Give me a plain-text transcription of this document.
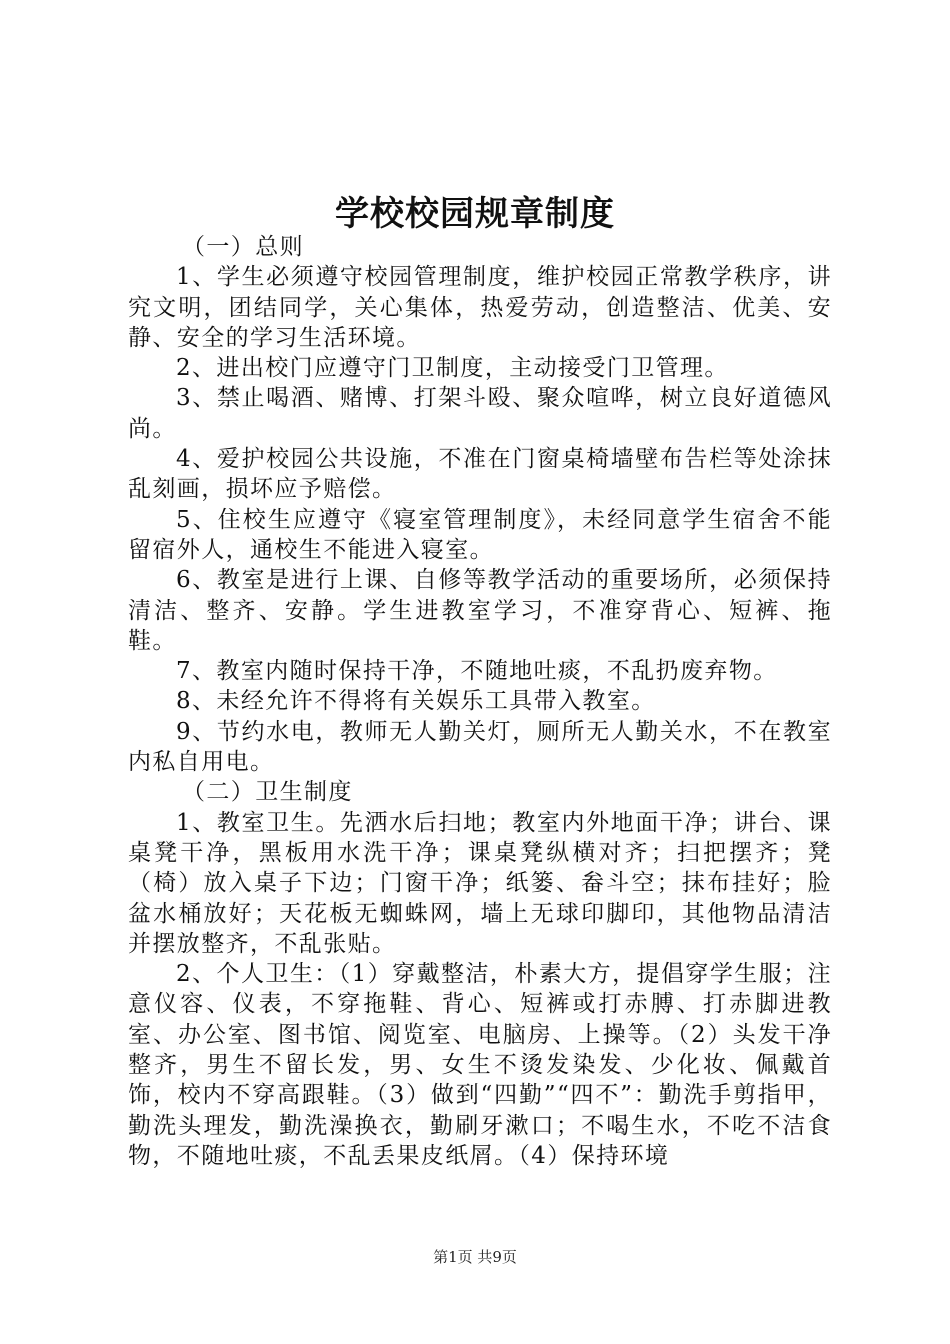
学校校园规章制度

（一）总则

1、学生必须遵守校园管理制度，维护校园正常教学秩序，讲究文明，团结同学，关心集体，热爱劳动，创造整洁、优美、安静、安全的学习生活环境。

2、进出校门应遵守门卫制度，主动接受门卫管理。

3、禁止喝酒、赌博、打架斗殴、聚众喧哗，树立良好道德风尚。

4、爱护校园公共设施，不准在门窗桌椅墙壁布告栏等处涂抹乱刻画，损坏应予赔偿。

5、住校生应遵守《寝室管理制度》，未经同意学生宿舍不能留宿外人，通校生不能进入寝室。

6、教室是进行上课、自修等教学活动的重要场所，必须保持清洁、整齐、安静。学生进教室学习，不准穿背心、短裤、拖鞋。

7、教室内随时保持干净，不随地吐痰，不乱扔废弃物。

8、未经允许不得将有关娱乐工具带入教室。

9、节约水电，教师无人勤关灯，厕所无人勤关水，不在教室内私自用电。

（二）卫生制度

1、教室卫生。先洒水后扫地；教室内外地面干净；讲台、课桌凳干净，黑板用水洗干净；课桌凳纵横对齐；扫把摆齐；凳（椅）放入桌子下边；门窗干净；纸篓、畚斗空；抹布挂好；脸盆水桶放好；天花板无蜘蛛网，墙上无球印脚印，其他物品清洁并摆放整齐，不乱张贴。

2、个人卫生：（1）穿戴整洁，朴素大方，提倡穿学生服；注意仪容、仪表，不穿拖鞋、背心、短裤或打赤膊、打赤脚进教室、办公室、图书馆、阅览室、电脑房、上操等。（2）头发干净整齐，男生不留长发，男、女生不烫发染发、少化妆、佩戴首饰，校内不穿高跟鞋。（3）做到“四勤”“四不”：勤洗手剪指甲，勤洗头理发，勤洗澡换衣，勤刷牙漱口；不喝生水，不吃不洁食物，不随地吐痰，不乱丢果皮纸屑。（4）保持环境

第1页 共9页
